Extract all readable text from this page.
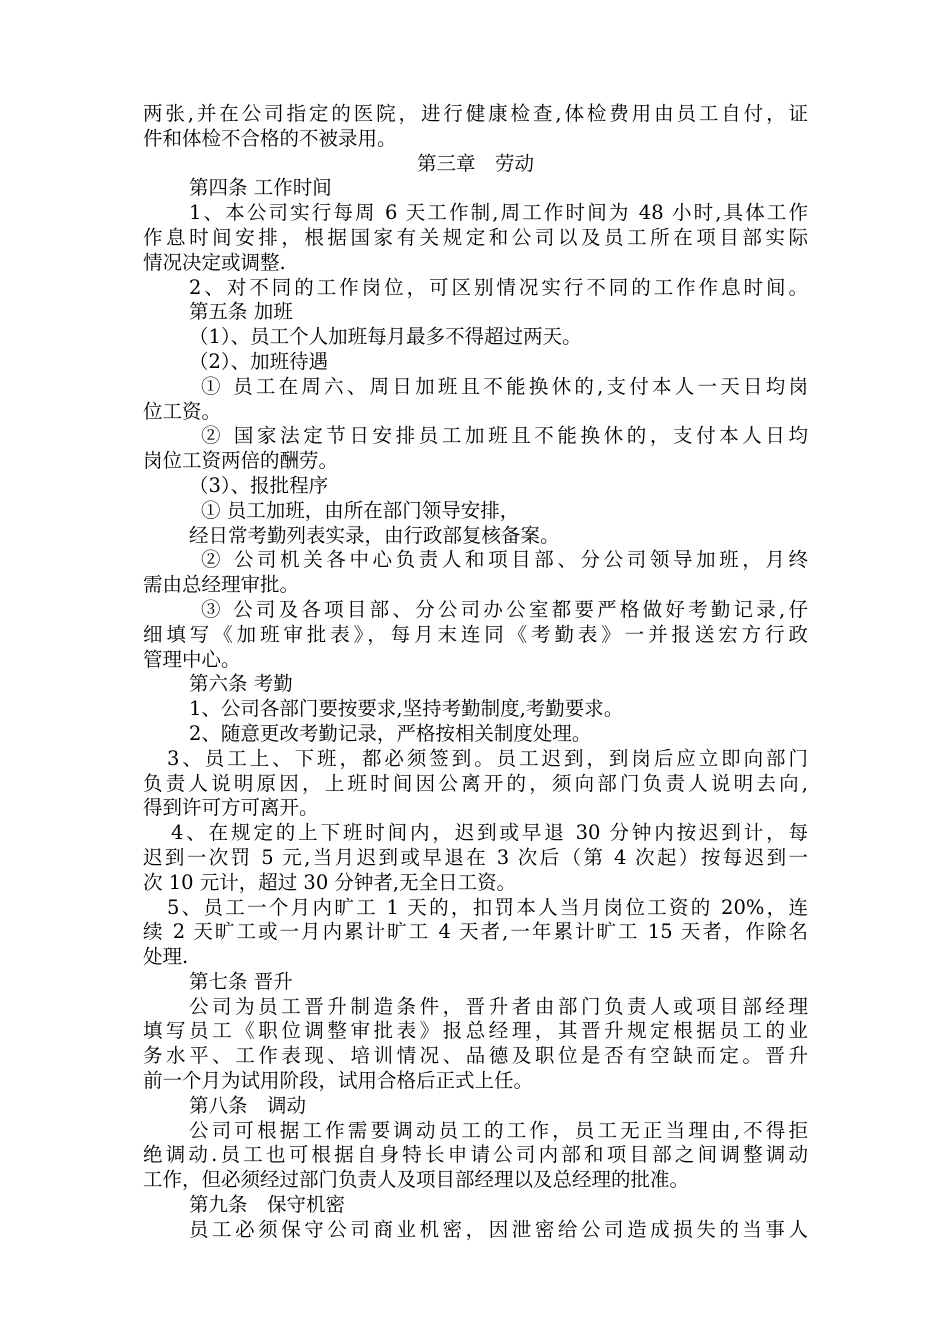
两张,并在公司指定的医院，进行健康检查,体检费用由员工自付，证
件和体检不合格的不被录用。
第三章　劳动
第四条 工作时间
1、本公司实行每周 6 天工作制,周工作时间为 48 小时,具体工作
作息时间安排，根据国家有关规定和公司以及员工所在项目部实际
情况决定或调整.
2、对不同的工作岗位，可区别情况实行不同的工作作息时间。
第五条 加班
（1）、员工个人加班每月最多不得超过两天。
（2）、加班待遇
① 员工在周六、周日加班且不能换休的,支付本人一天日均岗
位工资。
② 国家法定节日安排员工加班且不能换休的，支付本人日均
岗位工资两倍的酬劳。
（3）、报批程序
① 员工加班，由所在部门领导安排，
经日常考勤列表实录，由行政部复核备案。
② 公司机关各中心负责人和项目部、分公司领导加班，月终
需由总经理审批。
③ 公司及各项目部、分公司办公室都要严格做好考勤记录,仔
细填写《加班审批表》，每月末连同《考勤表》一并报送宏方行政
管理中心。
第六条 考勤
1、公司各部门要按要求,坚持考勤制度,考勤要求。
2、随意更改考勤记录，严格按相关制度处理。
3、员工上、下班，都必须签到。员工迟到，到岗后应立即向部门
负责人说明原因，上班时间因公离开的，须向部门负责人说明去向,
得到许可方可离开。
4、在规定的上下班时间内，迟到或早退 30 分钟内按迟到计，每
迟到一次罚 5 元,当月迟到或早退在 3 次后（第 4 次起）按每迟到一
次 10 元计，超过 30 分钟者,无全日工资。
5、员工一个月内旷工 1 天的，扣罚本人当月岗位工资的 20%，连
续 2 天旷工或一月内累计旷工 4 天者,一年累计旷工 15 天者，作除名
处理.
第七条 晋升
公司为员工晋升制造条件，晋升者由部门负责人或项目部经理
填写员工《职位调整审批表》报总经理，其晋升规定根据员工的业
务水平、工作表现、培训情况、品德及职位是否有空缺而定。晋升
前一个月为试用阶段，试用合格后正式上任。
第八条　调动
公司可根据工作需要调动员工的工作，员工无正当理由,不得拒
绝调动.员工也可根据自身特长申请公司内部和项目部之间调整调动
工作，但必须经过部门负责人及项目部经理以及总经理的批准。
第九条　保守机密
员工必须保守公司商业机密，因泄密给公司造成损失的当事人
